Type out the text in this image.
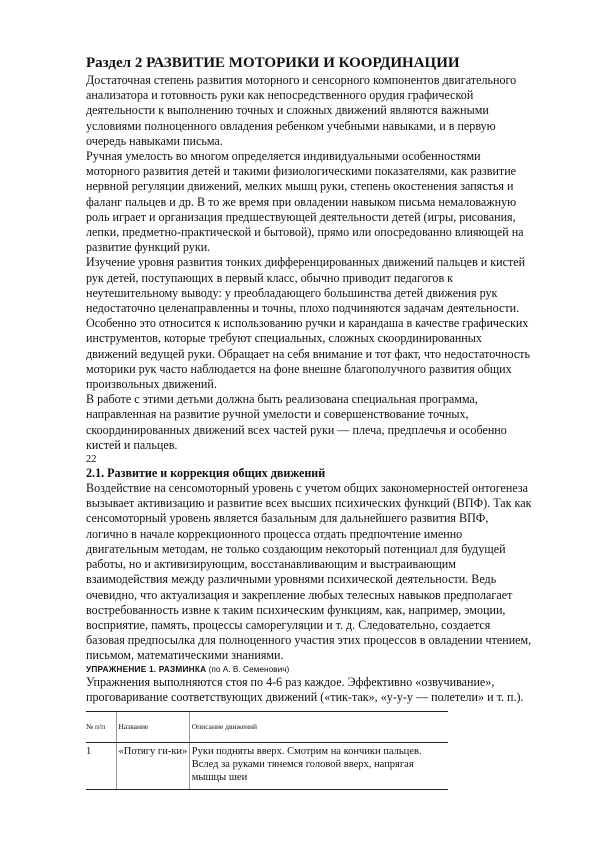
Раздел 2 РАЗВИТИЕ МОТОРИКИ И КООРДИНАЦИИ

Достаточная степень развития моторного и сенсорного компонентов двигательного анализатора и готовность руки как непосредственного орудия графической деятельности к выполнению точных и сложных движений являются важными условиями полноценного овладения ребенком учебными навыками, и в первую очередь навыками письма.

Ручная умелость во многом определяется индивидуальными особенностями моторного развития детей и такими физиологическими показателями, как развитие нервной регуляции движений, мелких мышц руки, степень окостенения запястья и фаланг пальцев и др. В то же время при овладении навыком письма немаловажную роль играет и организация предшествующей деятельности детей (игры, рисования, лепки, предметно-практической и бытовой), прямо или опосредованно влияющей на развитие функций руки.

Изучение уровня развития тонких дифференцированных движений пальцев и кистей рук детей, поступающих в первый класс, обычно приводит педагогов к неутешительному выводу: у преобладающего большинства детей движения рук недостаточно целенаправленны и точны, плохо подчиняются задачам деятельности. Особенно это относится к использованию ручки и карандаша в качестве графических инструментов, которые требуют специальных, сложных скоординированных движений ведущей руки. Обращает на себя внимание и тот факт, что недостаточность моторики рук часто наблюдается на фоне внешне благополучного развития общих произвольных движений.

В работе с этими детьми должна быть реализована специальная программа, направленная на развитие ручной умелости и совершенствование точных, скоординированных движений всех частей руки — плеча, предплечья и особенно кистей и пальцев.

22

2.1. Развитие и коррекция общих движений

Воздействие на сенсомоторный уровень с учетом общих закономерностей онтогенеза вызывает активизацию и развитие всех высших психических функций (ВПФ). Так как сенсомоторный уровень является базальным для дальнейшего развития ВПФ, логично в начале коррекционного процесса отдать предпочтение именно двигательным методам, не только создающим некоторый потенциал для будущей работы, но и активизирующим, восстанавливающим и выстраивающим взаимодействия между различными уровнями психической деятельности. Ведь очевидно, что актуализация и закрепление любых телесных навыков предполагает востребованность извне к таким психическим функциям, как, например, эмоции, восприятие, память, процессы саморегуляции и т. д. Следовательно, создается базовая предпосылка для полноценного участия этих процессов в овладении чтением, письмом, математическими знаниями.

УПРАЖНЕНИЕ 1. РАЗМИНКА (по А. В. Семенович)

Упражнения выполняются стоя по 4-6 раз каждое. Эффективно «озвучивание», проговаривание соответствующих движений («тик-так», «у-у-у — полетели» и т. п.).

№ п/п	Название	Описание движений
1	«Потягу ги-ки»	Руки подняты вверх. Смотрим на кончики пальцев. Вслед за руками тянемся головой вверх, напрягая мышцы шеи
